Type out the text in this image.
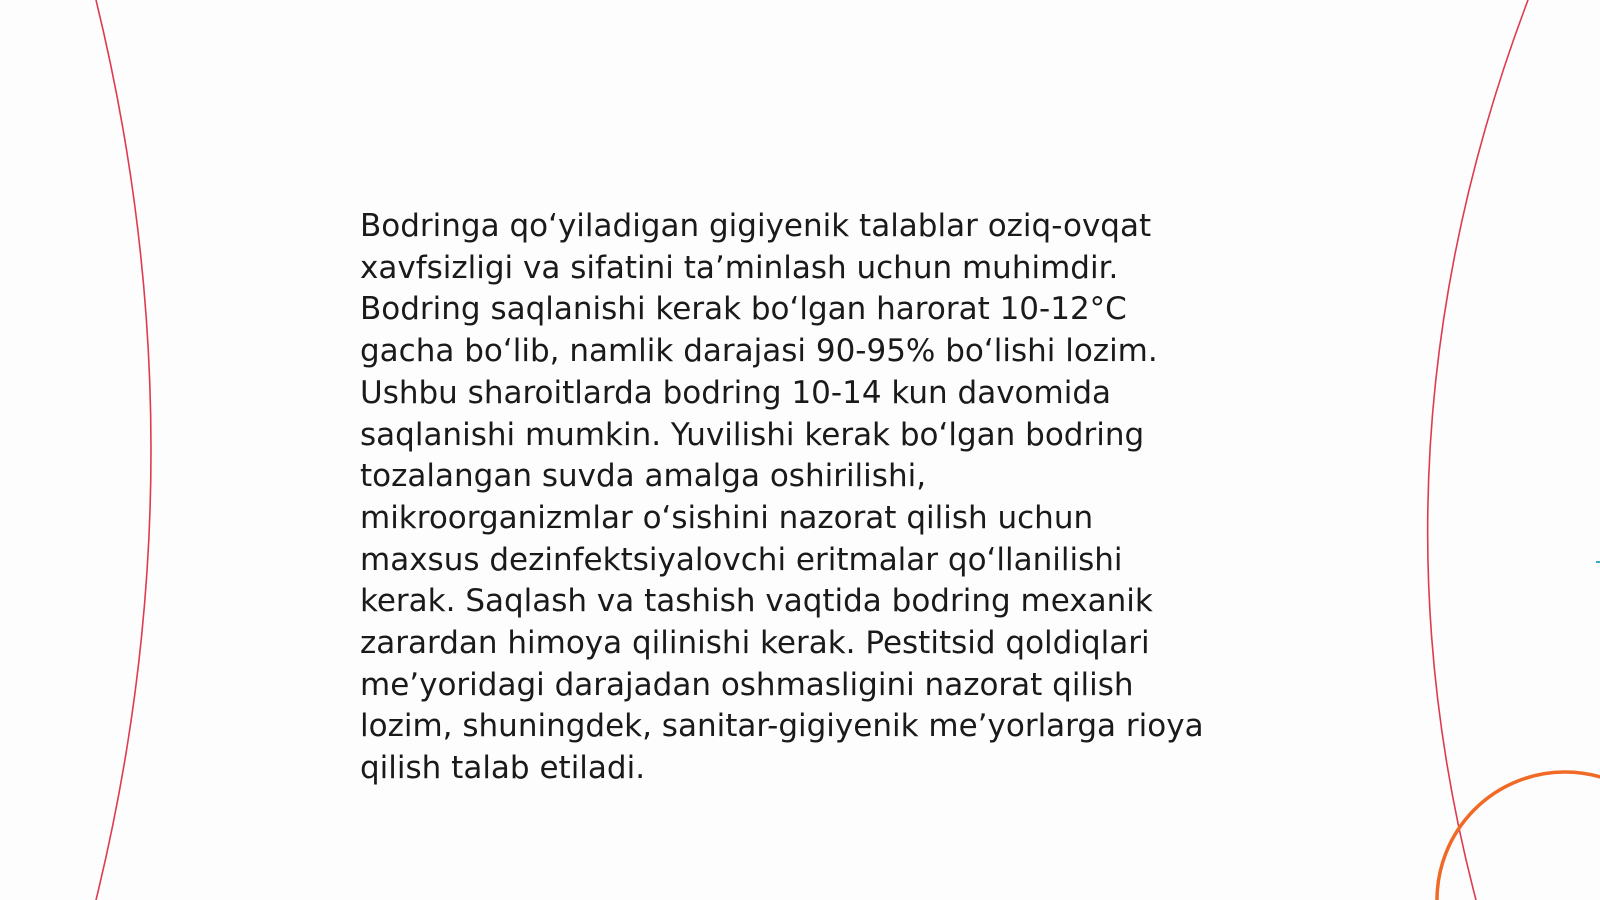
Bodringa qo‘yiladigan gigiyenik talablar oziq-ovqat
xavfsizligi va sifatini ta’minlash uchun muhimdir.
Bodring saqlanishi kerak bo‘lgan harorat 10-12°C
gacha bo‘lib, namlik darajasi 90-95% bo‘lishi lozim.
Ushbu sharoitlarda bodring 10-14 kun davomida
saqlanishi mumkin. Yuvilishi kerak bo‘lgan bodring
tozalangan suvda amalga oshirilishi,
mikroorganizmlar o‘sishini nazorat qilish uchun
maxsus dezinfektsiyalovchi eritmalar qo‘llanilishi
kerak. Saqlash va tashish vaqtida bodring mexanik
zarardan himoya qilinishi kerak. Pestitsid qoldiqlari
me’yoridagi darajadan oshmasligini nazorat qilish
lozim, shuningdek, sanitar-gigiyenik me’yorlarga rioya
qilish talab etiladi.
